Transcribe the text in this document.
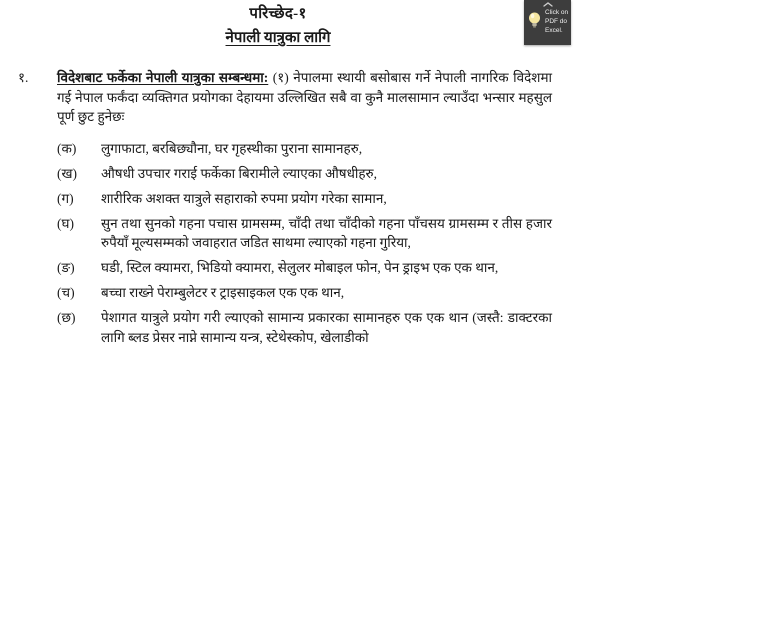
परिच्छेद-१
नेपाली यात्रुका लागि
१.	विदेशबाट फर्केका नेपाली यात्रुका सम्बन्धमा: (१) नेपालमा स्थायी बसोबास गर्ने नेपाली नागरिक विदेशमा गई नेपाल फर्कंदा व्यक्तिगत प्रयोगका देहायमा उल्लिखित सबै वा कुनै मालसामान ल्याउँदा भन्सार महसुल पूर्ण छुट हुनेछः
(क)	लुगाफाटा, बरबिछ्यौना, घर गृहस्थीका पुराना सामानहरु,
(ख)	औषधी उपचार गराई फर्केका बिरामीले ल्याएका औषधीहरु,
(ग)	शारीरिक अशक्त यात्रुले सहाराको रुपमा प्रयोग गरेका सामान,
(घ)	सुन तथा सुनको गहना पचास ग्रामसम्म, चाँदी तथा चाँदीको गहना पाँचसय ग्रामसम्म र तीस हजार रुपैयाँ मूल्यसम्मको जवाहरात जडित साथमा ल्याएको गहना गुरिया,
(ङ)	घडी, स्टिल क्यामरा, भिडियो क्यामरा, सेलुलर मोबाइल फोन, पेन ड्राइभ एक एक थान,
(च)	बच्चा राख्ने पेराम्बुलेटर र ट्राइसाइकल एक एक थान,
(छ)	पेशागत यात्रुले प्रयोग गरी ल्याएको सामान्य प्रकारका सामानहरु एक एक थान (जस्तै: डाक्टरका लागि ब्लड प्रेसर नाप्ने सामान्य यन्त्र, स्टेथेस्कोप, खेलाडीको
Click on
PDF do
Excel.
